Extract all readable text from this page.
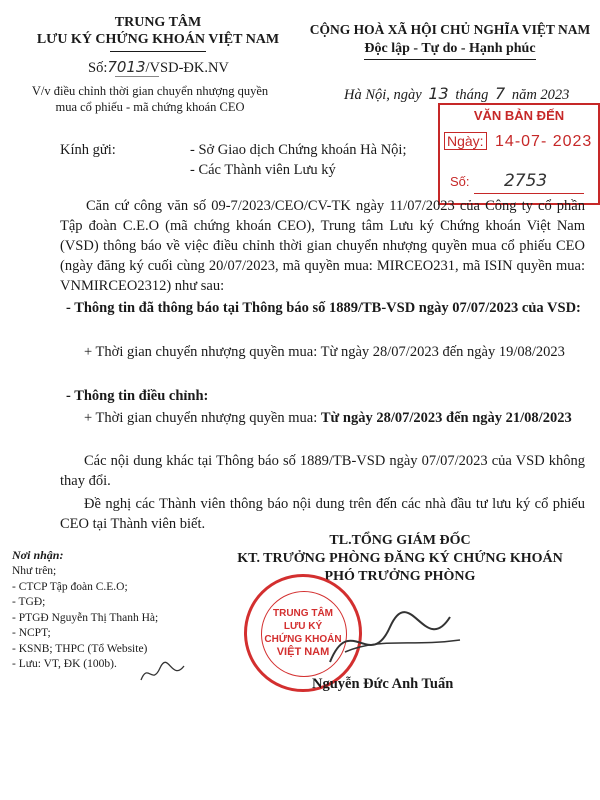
TRUNG TÂM
LƯU KÝ CHỨNG KHOÁN VIỆT NAM
Số:7013/VSD-ĐK.NV
V/v điều chỉnh thời gian chuyển nhượng quyền
mua cổ phiếu - mã chứng khoán CEO
CỘNG HOÀ XÃ HỘI CHỦ NGHĨA VIỆT NAM
Độc lập - Tự do - Hạnh phúc
Hà Nội, ngày 13 tháng 7 năm 2023
VĂN BẢN ĐẾN
Ngày: 14-07- 2023
Số: 2753
Kính gửi:	- Sở Giao dịch Chứng khoán Hà Nội;
- Các Thành viên Lưu ký
Căn cứ công văn số 09-7/2023/CEO/CV-TK ngày 11/07/2023 của Công ty cổ phần Tập đoàn C.E.O (mã chứng khoán CEO), Trung tâm Lưu ký Chứng khoán Việt Nam (VSD) thông báo về việc điều chỉnh thời gian chuyển nhượng quyền mua cổ phiếu CEO (ngày đăng ký cuối cùng 20/07/2023, mã quyền mua: MIRCEO231, mã ISIN quyền mua: VNMIRCEO2312) như sau:
- Thông tin đã thông báo tại Thông báo số 1889/TB-VSD ngày 07/07/2023 của VSD:
+ Thời gian chuyển nhượng quyền mua: Từ ngày 28/07/2023 đến ngày 19/08/2023
- Thông tin điều chỉnh:
+ Thời gian chuyển nhượng quyền mua: Từ ngày 28/07/2023 đến ngày 21/08/2023
Các nội dung khác tại Thông báo số 1889/TB-VSD ngày 07/07/2023 của VSD không thay đổi.
Đề nghị các Thành viên thông báo nội dung trên đến các nhà đầu tư lưu ký cổ phiếu CEO tại Thành viên biết.
TL.TỔNG GIÁM ĐỐC
KT. TRƯỞNG PHÒNG ĐĂNG KÝ CHỨNG KHOÁN
PHÓ TRƯỞNG PHÒNG
TRUNG TÂM
LƯU KÝ
CHỨNG KHOÁN
VIỆT NAM
Nguyễn Đức Anh Tuấn
Nơi nhận:
Như trên;
- CTCP Tập đoàn C.E.O;
- TGĐ;
- PTGĐ Nguyễn Thị Thanh Hà;
- NCPT;
- KSNB; THPC (Tổ Website)
- Lưu: VT, ĐK (100b).
